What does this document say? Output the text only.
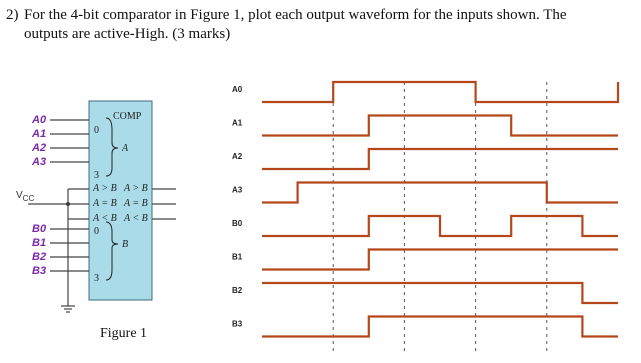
2) For the 4-bit comparator in Figure 1, plot each output waveform for the inputs shown. The
outputs are active-High. (3 marks)
COMP
0
A
3
A > B A > B
A = B A = B
A < B A < B
0
B
3
A0
A1
A2
A3
B0
B1
B2
B3
$V_{CC}$
Figure 1
A0
A1
A2
A3
B0
B1
B2
B3
